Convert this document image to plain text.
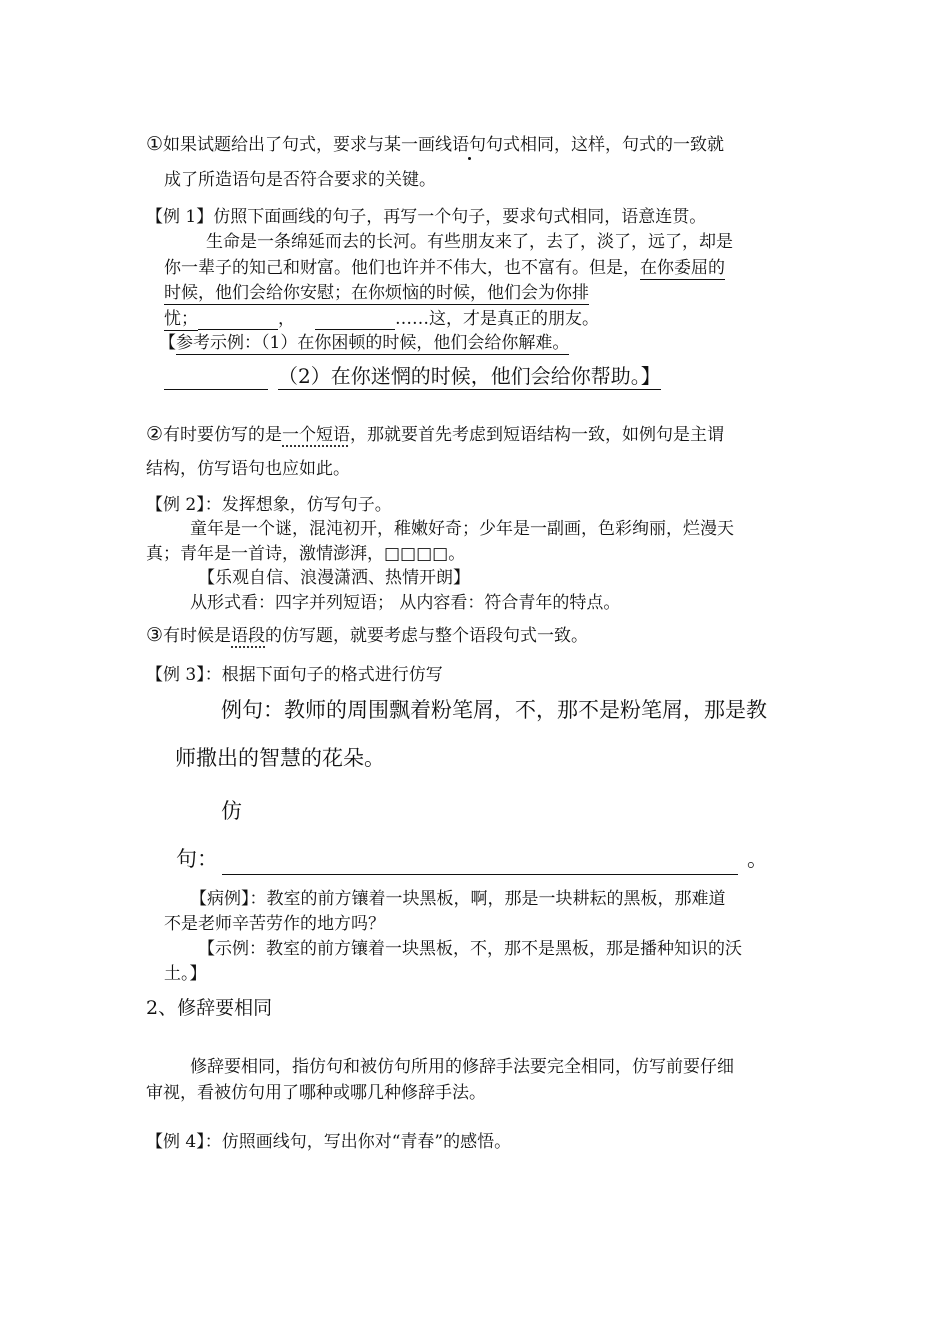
①如果试题给出了句式，要求与某一画线语句句式相同，这样，句式的一致就
成了所造语句是否符合要求的关键。
【例 1】仿照下面画线的句子，再写一个句子，要求句式相同，语意连贯。
生命是一条绵延而去的长河。有些朋友来了，去了，淡了，远了，却是
你一辈子的知己和财富。他们也许并不伟大，也不富有。但是，在你委屈的
时候，他们会给你安慰；在你烦恼的时候，他们会为你排
忧；	，	……这，才是真正的朋友。
【参考示例：（1）在你困顿的时候，他们会给你解难。
（2）在你迷惘的时候，他们会给你帮助。】
②有时要仿写的是一个短语，那就要首先考虑到短语结构一致，如例句是主谓
结构，仿写语句也应如此。
【例 2】：发挥想象，仿写句子。
童年是一个谜，混沌初开，稚嫩好奇；少年是一副画，色彩绚丽，烂漫天
真；青年是一首诗，激情澎湃，□□□□。
【乐观自信、浪漫潇洒、热情开朗】
从形式看：四字并列短语； 从内容看：符合青年的特点。
③有时候是语段的仿写题，就要考虑与整个语段句式一致。
【例 3】：根据下面句子的格式进行仿写
例句：教师的周围飘着粉笔屑，不，那不是粉笔屑，那是教
师撒出的智慧的花朵。
仿
句：	。
【病例】：教室的前方镶着一块黑板，啊，那是一块耕耘的黑板，那难道
不是老师辛苦劳作的地方吗？
【示例：教室的前方镶着一块黑板，不，那不是黑板，那是播种知识的沃
土。】
2、修辞要相同
修辞要相同，指仿句和被仿句所用的修辞手法要完全相同，仿写前要仔细
审视，看被仿句用了哪种或哪几种修辞手法。
【例 4】：仿照画线句，写出你对“青春”的感悟。
